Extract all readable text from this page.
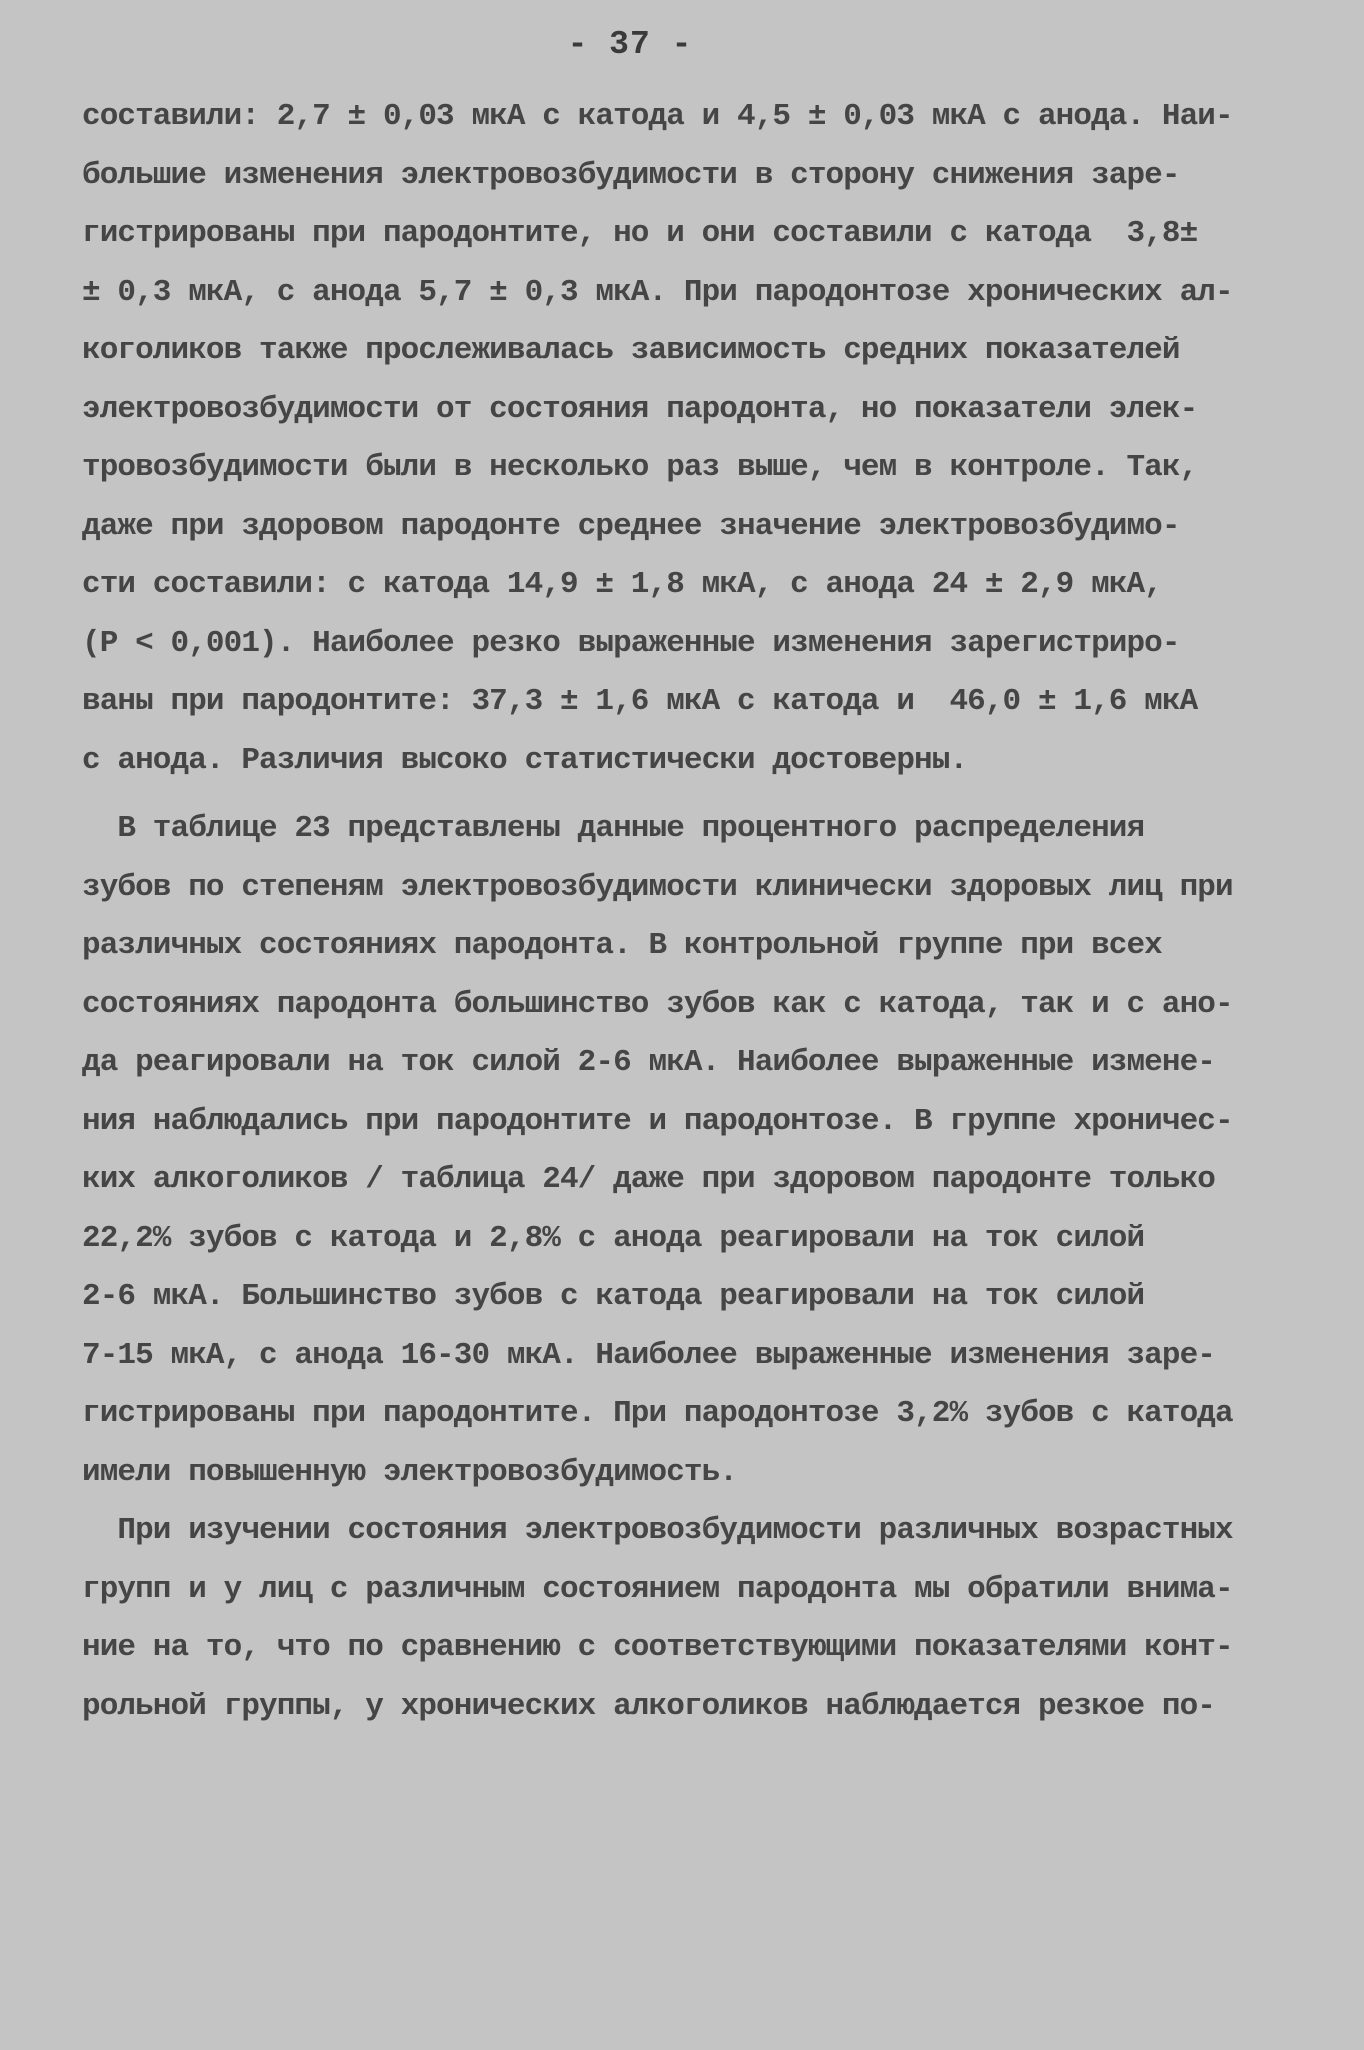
- 37 -
составили: 2,7 ± 0,03 мкА с катода и 4,5 ± 0,03 мкА с анода. Наи-
большие изменения электровозбудимости в сторону снижения заре-
гистрированы при пародонтите, но и они составили с катода  3,8±
± 0,3 мкА, с анода 5,7 ± 0,3 мкА. При пародонтозе хронических ал-
коголиков также прослеживалась зависимость средних показателей
электровозбудимости от состояния пародонта, но показатели элек-
тровозбудимости были в несколько раз выше, чем в контроле. Так,
даже при здоровом пародонте среднее значение электровозбудимо-
сти составили: с катода 14,9 ± 1,8 мкА, с анода 24 ± 2,9 мкА,
(Р < 0,001). Наиболее резко выраженные изменения зарегистриро-
ваны при пародонтите: 37,3 ± 1,6 мкА с катода и  46,0 ± 1,6 мкА
с анода. Различия высоко статистически достоверны.
В таблице 23 представлены данные процентного распределения
зубов по степеням электровозбудимости клинически здоровых лиц при
различных состояниях пародонта. В контрольной группе при всех
состояниях пародонта большинство зубов как с катода, так и с ано-
да реагировали на ток силой 2-6 мкА. Наиболее выраженные измене-
ния наблюдались при пародонтите и пародонтозе. В группе хроничес-
ких алкоголиков / таблица 24/ даже при здоровом пародонте только
22,2% зубов с катода и 2,8% с анода реагировали на ток силой
2-6 мкА. Большинство зубов с катода реагировали на ток силой
7-15 мкА, с анода 16-30 мкА. Наиболее выраженные изменения заре-
гистрированы при пародонтите. При пародонтозе 3,2% зубов с катода
имели повышенную электровозбудимость.
При изучении состояния электровозбудимости различных возрастных
групп и у лиц с различным состоянием пародонта мы обратили внима-
ние на то, что по сравнению с соответствующими показателями конт-
рольной группы, у хронических алкоголиков наблюдается резкое по-
